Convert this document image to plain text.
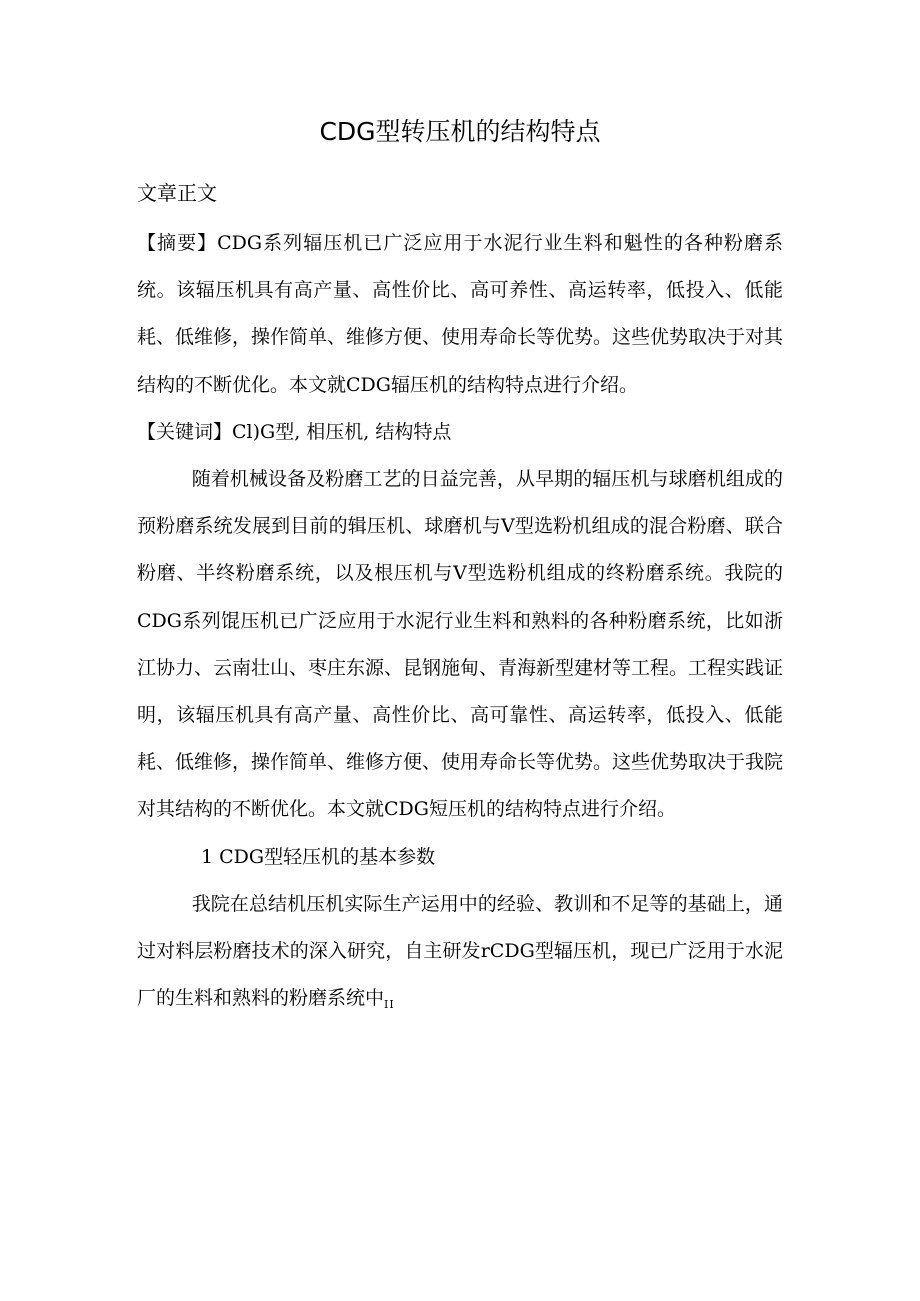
CDG型转压机的结构特点
文章正文

【摘要】CDG系列辐压机已广泛应用于水泥行业生料和魁性的各种粉磨系统。该辐压机具有高产量、高性价比、高可养性、高运转率，低投入、低能耗、低维修，操作简单、维修方便、使用寿命长等优势。这些优势取决于对其结构的不断优化。本文就CDG辐压机的结构特点进行介绍。

【关键词】Cl)G型, 相压机, 结构特点

随着机械设备及粉磨工艺的日益完善，从早期的辐压机与球磨机组成的预粉磨系统发展到目前的辑压机、球磨机与V型选粉机组成的混合粉磨、联合粉磨、半终粉磨系统，以及根压机与V型选粉机组成的终粉磨系统。我院的CDG系列馄压机已广泛应用于水泥行业生料和熟料的各种粉磨系统，比如浙江协力、云南壮山、枣庄东源、昆钢施甸、青海新型建材等工程。工程实践证明，该辐压机具有高产量、高性价比、高可靠性、高运转率，低投入、低能耗、低维修，操作简单、维修方便、使用寿命长等优势。这些优势取决于我院对其结构的不断优化。本文就CDG短压机的结构特点进行介绍。

1 CDG型轻压机的基本参数

我院在总结机压机实际生产运用中的经验、教训和不足等的基础上，通过对料层粉磨技术的深入研究，自主研发rCDG型辐压机，现已广泛用于水泥厂的生料和熟料的粉磨系统中$_{II}$
